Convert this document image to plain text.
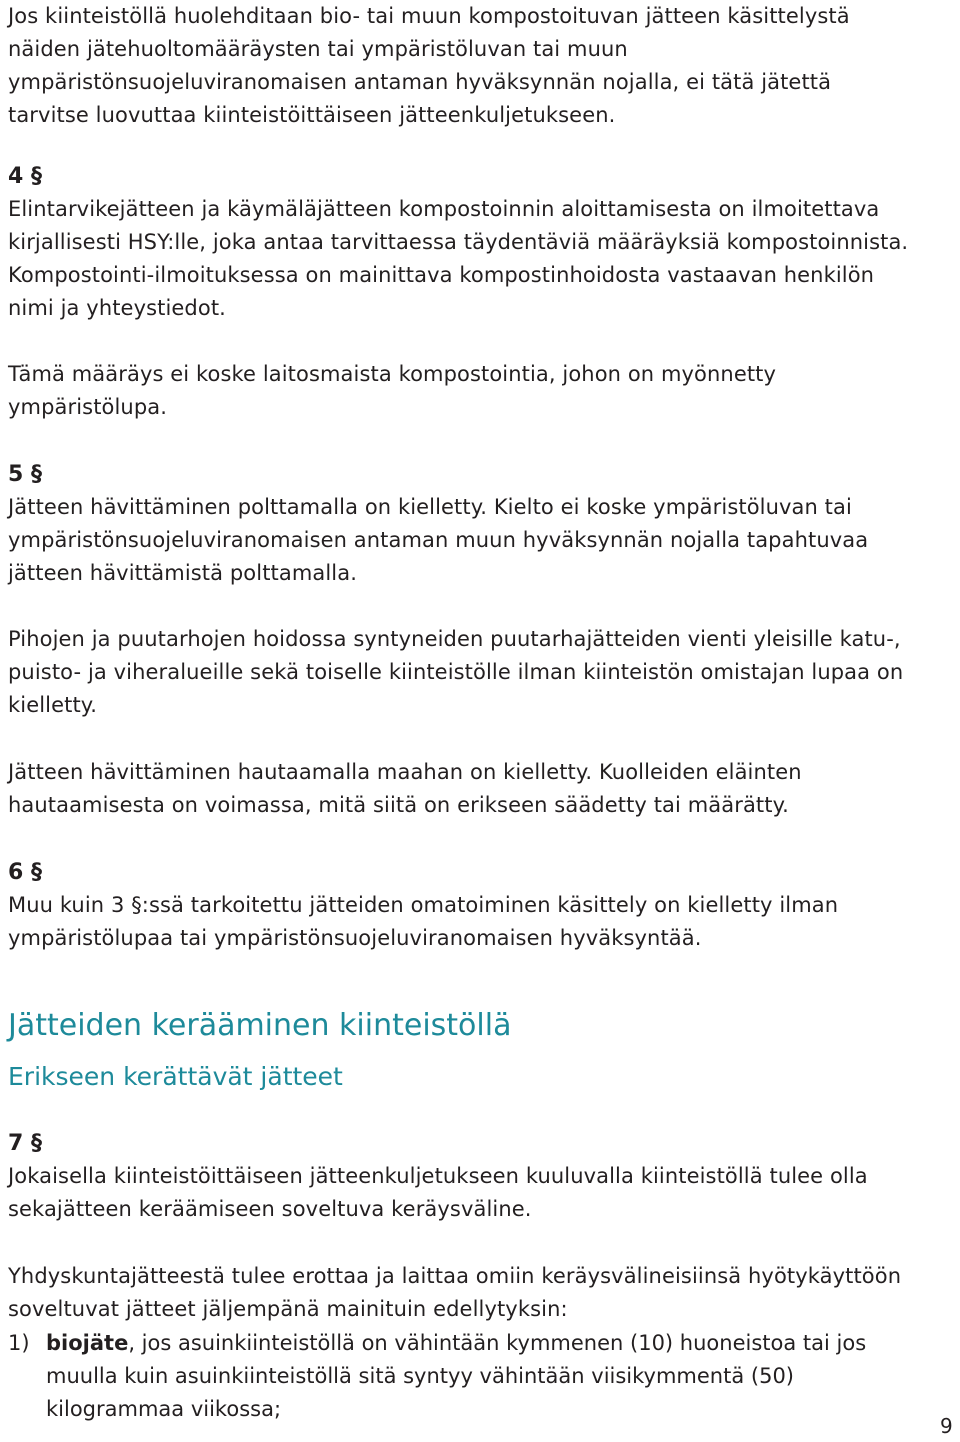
Jos kiinteistöllä huolehditaan bio- tai muun kompostoituvan jätteen käsittelystä näiden jätehuoltomääräysten tai ympäristöluvan tai muun ympäristönsuojeluviranomaisen antaman hyväksynnän nojalla, ei tätä jätettä tarvitse luovuttaa kiinteistöittäiseen jätteenkuljetukseen.

4 §

Elintarvikejätteen ja käymäläjätteen kompostoinnin aloittamisesta on ilmoitettava kirjallisesti HSY:lle, joka antaa tarvittaessa täydentäviä määräyksiä kompostoinnista. Kompostointi-ilmoituksessa on mainittava kompostinhoidosta vastaavan henkilön nimi ja yhteystiedot.

Tämä määräys ei koske laitosmaista kompostointia, johon on myönnetty ympäristölupa.

5 §

Jätteen hävittäminen polttamalla on kielletty. Kielto ei koske ympäristöluvan tai ympäristönsuojeluviranomaisen antaman muun hyväksynnän nojalla tapahtuvaa jätteen hävittämistä polttamalla.

Pihojen ja puutarhojen hoidossa syntyneiden puutarhajätteiden vienti yleisille katu-, puisto- ja viheralueille sekä toiselle kiinteistölle ilman kiinteistön omistajan lupaa on kielletty.

Jätteen hävittäminen hautaamalla maahan on kielletty. Kuolleiden eläinten hautaamisesta on voimassa, mitä siitä on erikseen säädetty tai määrätty.

6 §

Muu kuin 3 §:ssä tarkoitettu jätteiden omatoiminen käsittely on kielletty ilman ympäristölupaa tai ympäristönsuojeluviranomaisen hyväksyntää.

Jätteiden kerääminen kiinteistöllä
Erikseen kerättävät jätteet
7 §

Jokaisella kiinteistöittäiseen jätteenkuljetukseen kuuluvalla kiinteistöllä tulee olla sekajätteen keräämiseen soveltuva keräysväline.

Yhdyskuntajätteestä tulee erottaa ja laittaa omiin keräysvälineisiinsä hyötykäyttöön soveltuvat jätteet jäljempänä mainituin edellytyksin:

1) biojäte, jos asuinkiinteistöllä on vähintään kymmenen (10) huoneistoa tai jos muulla kuin asuinkiinteistöllä sitä syntyy vähintään viisikymmentä (50) kilogrammaa viikossa;
9
